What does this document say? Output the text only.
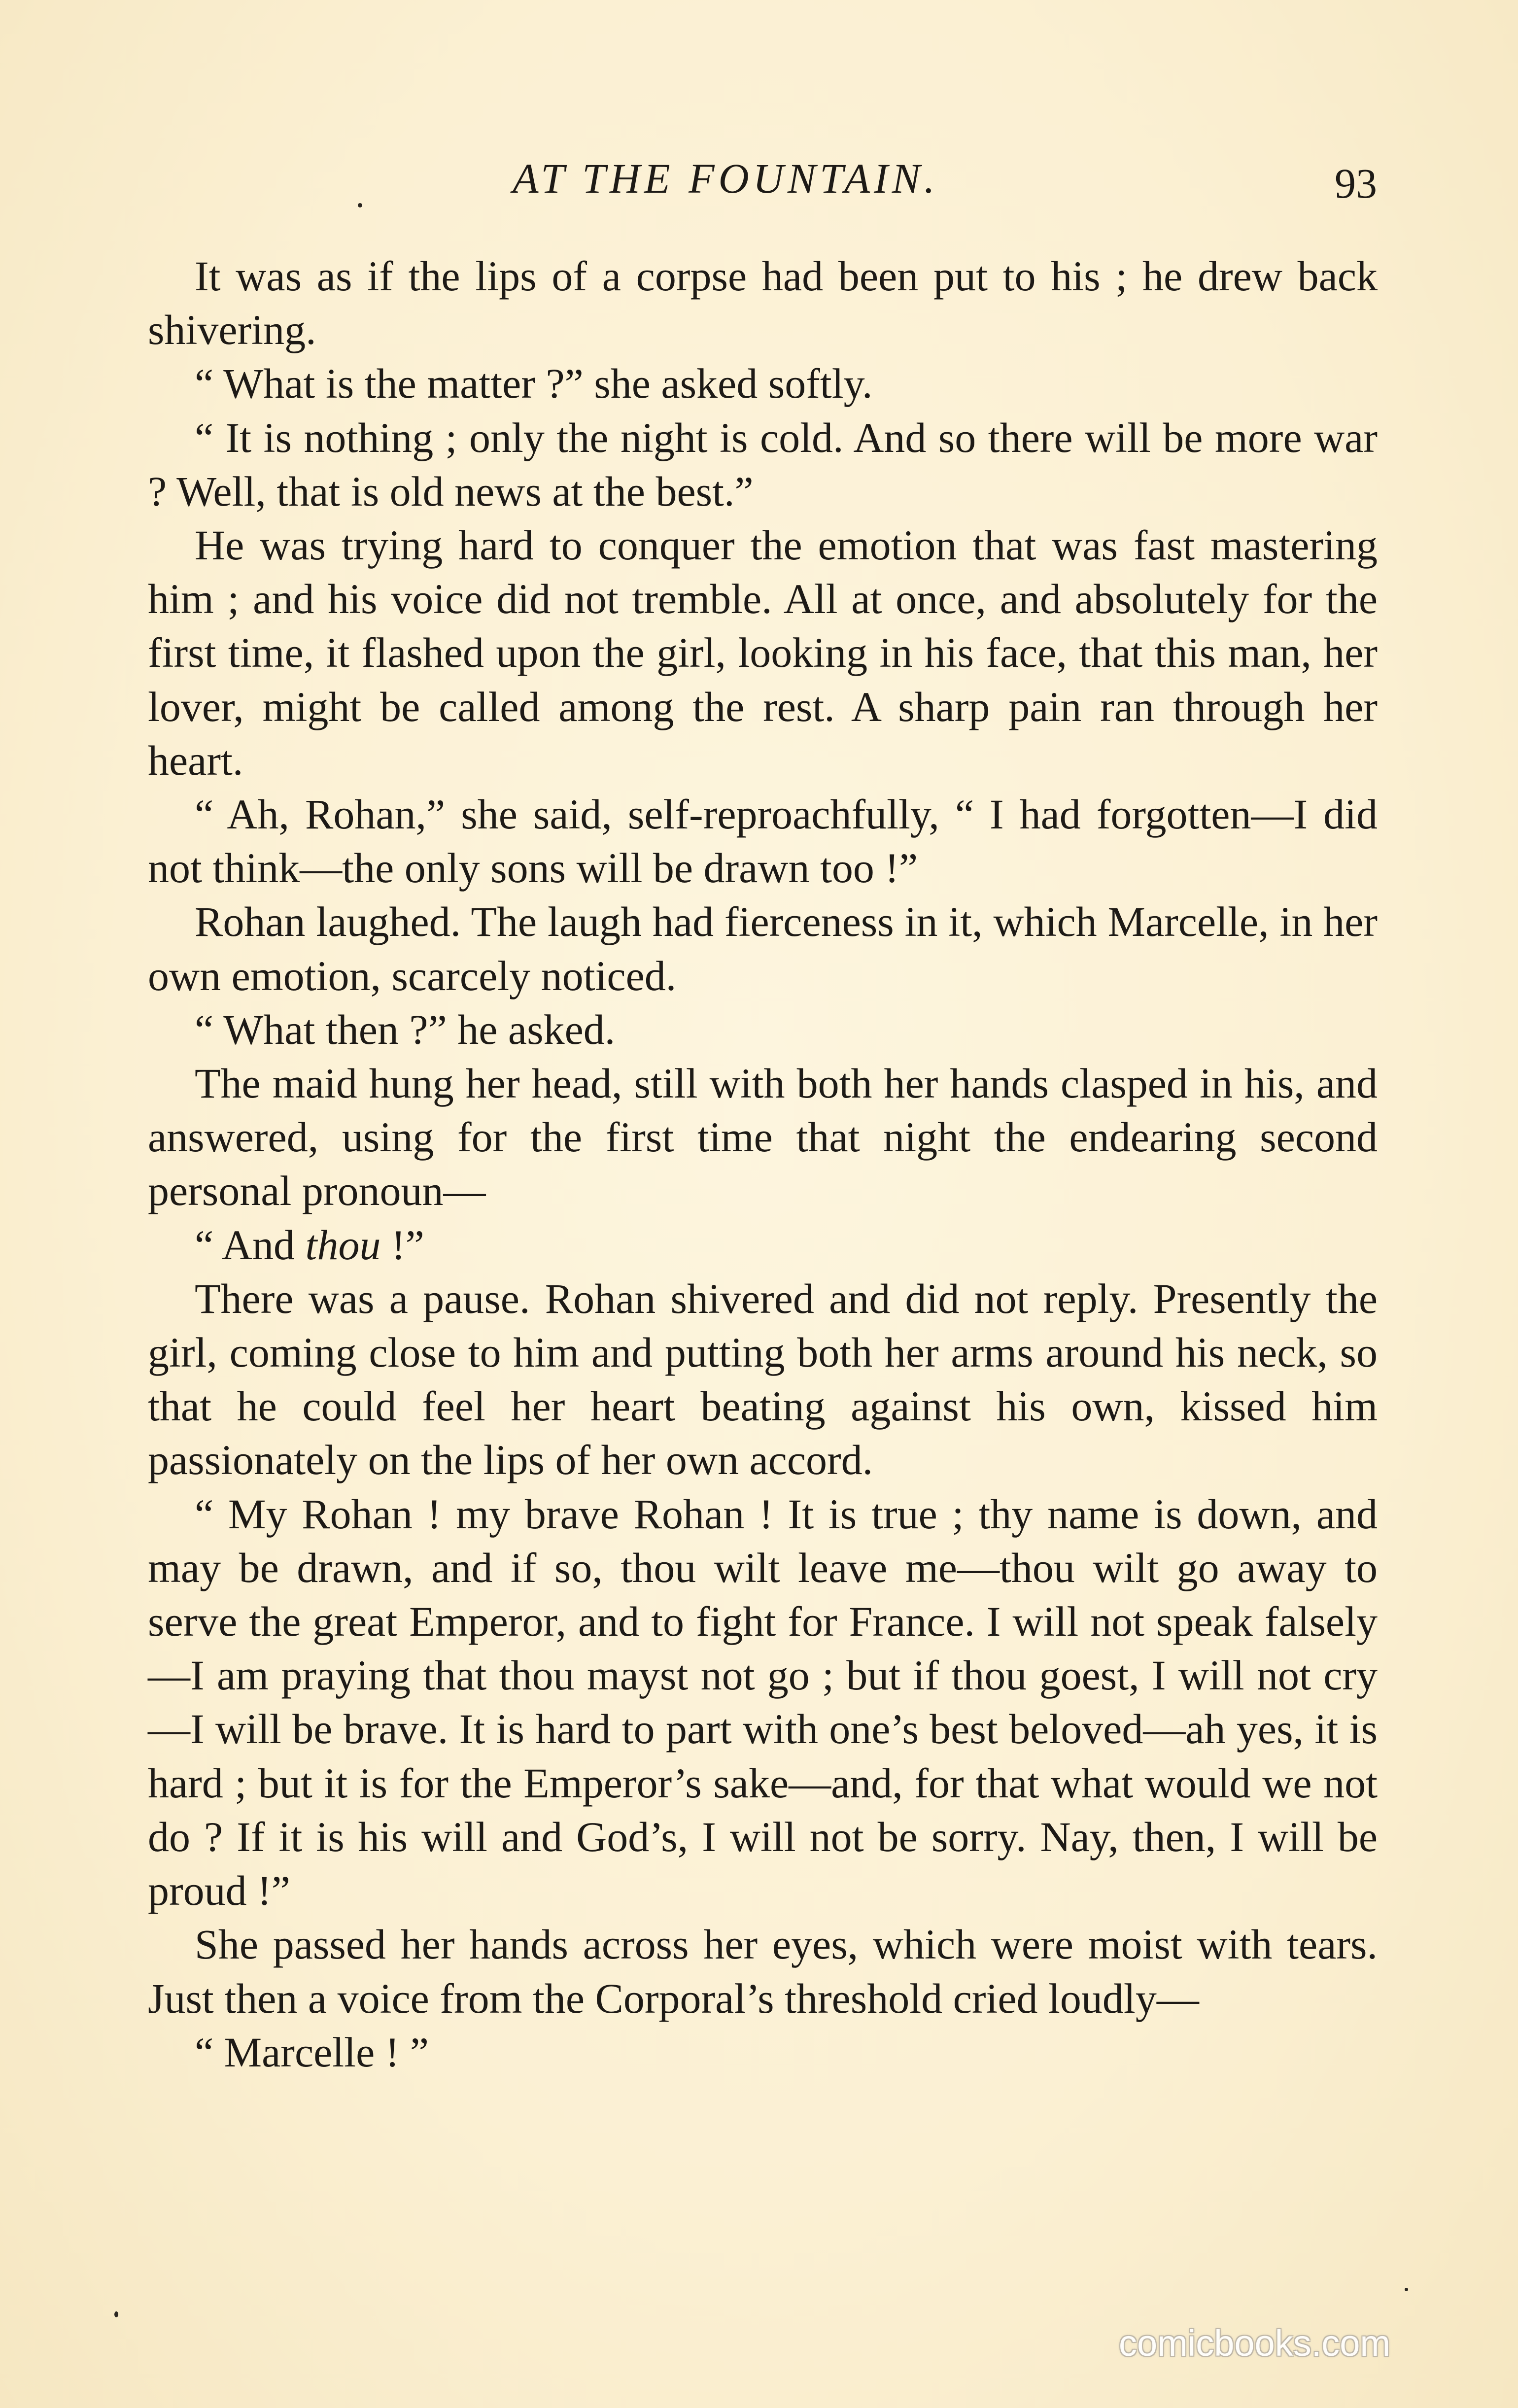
AT THE FOUNTAIN.	93

It was as if the lips of a corpse had been put to his ; he drew back shivering.

“ What is the matter ?” she asked softly.

“ It is nothing ; only the night is cold. And so there will be more war ? Well, that is old news at the best.”

He was trying hard to conquer the emotion that was fast mastering him ; and his voice did not tremble. All at once, and absolutely for the first time, it flashed upon the girl, looking in his face, that this man, her lover, might be called among the rest. A sharp pain ran through her heart.

“ Ah, Rohan,” she said, self-reproachfully, “ I had forgotten—I did not think—the only sons will be drawn too !”

Rohan laughed. The laugh had fierceness in it, which Marcelle, in her own emotion, scarcely noticed.

“ What then ?” he asked.

The maid hung her head, still with both her hands clasped in his, and answered, using for the first time that night the endearing second personal pronoun—

“ And thou !”

There was a pause. Rohan shivered and did not reply. Presently the girl, coming close to him and putting both her arms around his neck, so that he could feel her heart beating against his own, kissed him passionately on the lips of her own accord.

“ My Rohan ! my brave Rohan ! It is true ; thy name is down, and may be drawn, and if so, thou wilt leave me—thou wilt go away to serve the great Emperor, and to fight for France. I will not speak falsely—I am praying that thou mayst not go ; but if thou goest, I will not cry—I will be brave. It is hard to part with one’s best beloved—ah yes, it is hard ; but it is for the Emperor’s sake—and, for that what would we not do ? If it is his will and God’s, I will not be sorry. Nay, then, I will be proud !”

She passed her hands across her eyes, which were moist with tears. Just then a voice from the Corporal’s threshold cried loudly—

“ Marcelle ! ”

comicbooks.com
